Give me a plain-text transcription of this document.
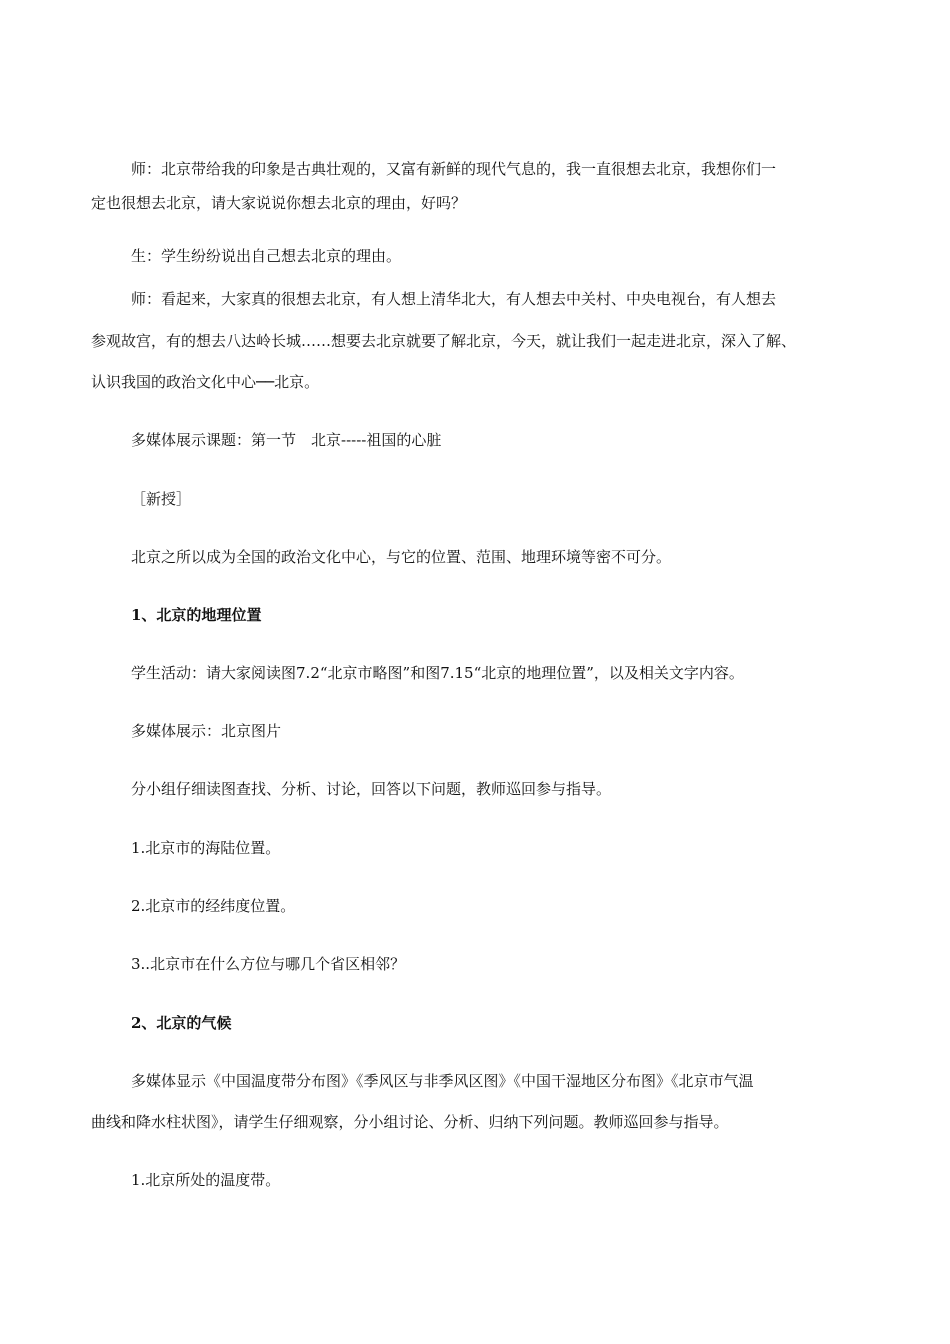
师：北京带给我的印象是古典壮观的，又富有新鲜的现代气息的，我一直很想去北京，我想你们一
定也很想去北京，请大家说说你想去北京的理由，好吗？
生：学生纷纷说出自己想去北京的理由。
师：看起来，大家真的很想去北京，有人想上清华北大，有人想去中关村、中央电视台，有人想去
参观故宫，有的想去八达岭长城……想要去北京就要了解北京，今天，就让我们一起走进北京，深入了解、
认识我国的政治文化中心──北京。
多媒体展示课题：第一节　北京-----祖国的心脏
［新授］
北京之所以成为全国的政治文化中心，与它的位置、范围、地理环境等密不可分。
1、北京的地理位置
学生活动：请大家阅读图7.2“北京市略图”和图7.15“北京的地理位置”，以及相关文字内容。
多媒体展示：北京图片
分小组仔细读图查找、分析、讨论，回答以下问题，教师巡回参与指导。
1.北京市的海陆位置。
2.北京市的经纬度位置。
3..北京市在什么方位与哪几个省区相邻？
2、北京的气候
多媒体显示《中国温度带分布图》《季风区与非季风区图》《中国干湿地区分布图》《北京市气温
曲线和降水柱状图》，请学生仔细观察，分小组讨论、分析、归纳下列问题。教师巡回参与指导。
1.北京所处的温度带。
